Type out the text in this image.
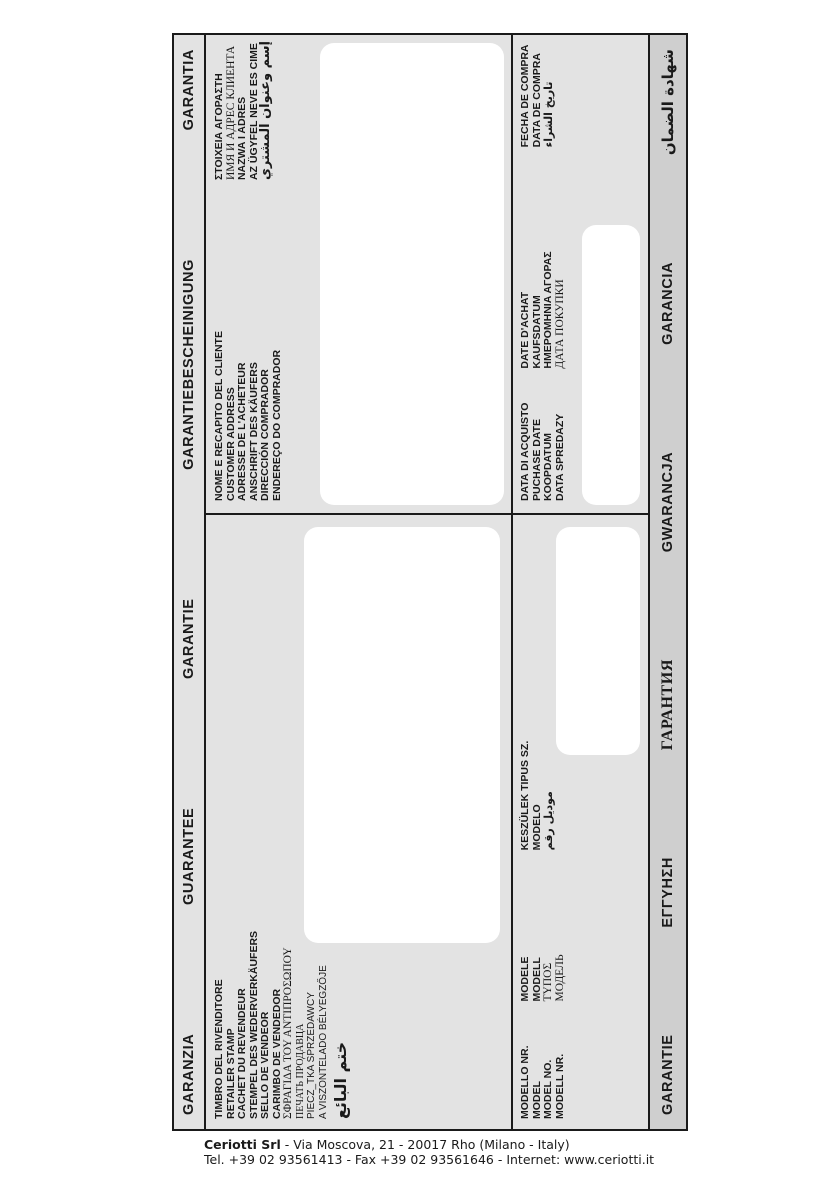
GARANZIA
GUARANTEE
GARANTIE
GARANTIEBESCHEINIGUNG
GARANTIA
GARANTIE
ΕΓΓΥΗΣΗ
ГАРАНТИЯ
GWARANCJA
GARANCIA
شهادة الضمان
TIMBRO DEL RIVENDITORE RETAILER STAMP CACHET DU REVENDEUR STEMPEL DES WEDERVERKÄUFERS SELLO DE VENDEOR CARIMBO DE VENDEDOR ΣΦΡΑΓΙΔΑ ΤΟΥ ΑΝΤΙΠΡΟΣΩΠΟΥ ПЕЧАТЬ ПРОДАВЦА PIECZ_TKA SPRZEDAWCY A VISZONTELADO BÉLYEGZŐJE ختم البائع
NOME E RECAPITO DEL CLIENTE CUSTOMER ADDRESS ADRESSE DE L'ACHETEUR ANSCHRIFT DES KÄUFERS DIRECCIÓN COMPRADOR ENDEREÇO DO COMPRADOR
ΣΤΟΙΧΕΙΑ ΑΓΟΡΑΣΤΗ ИМЯ И АДРЕС КЛИЕНТА NAZWA I ADRES AZ ÜGYFEL NEVE ES CIME
إسم وعنوان المشتري
MODELLO NR. MODEL MODEL NO. MODELL NR.
MODELE MODELL ΤΥΠΟΣ МОДЕЛЬ
KESZÜLEK TIPUS SZ. MODELO موديل رقم
DATA DI ACQUISTO PUCHASE DATE KOOPDATUM DATA SPREDAZY
DATE D'ACHAT KAUFSDATUM HMEPOMHNIA AΓOPAΣ ДАТА ПОКУПКИ
FECHA DE COMPRA DATA DE COMPRA تاريخ الشراء
Ceriotti Srl - Via Moscova, 21 - 20017 Rho (Milano - Italy)
Tel. +39 02 93561413 - Fax +39 02 93561646 - Internet: www.ceriotti.it
